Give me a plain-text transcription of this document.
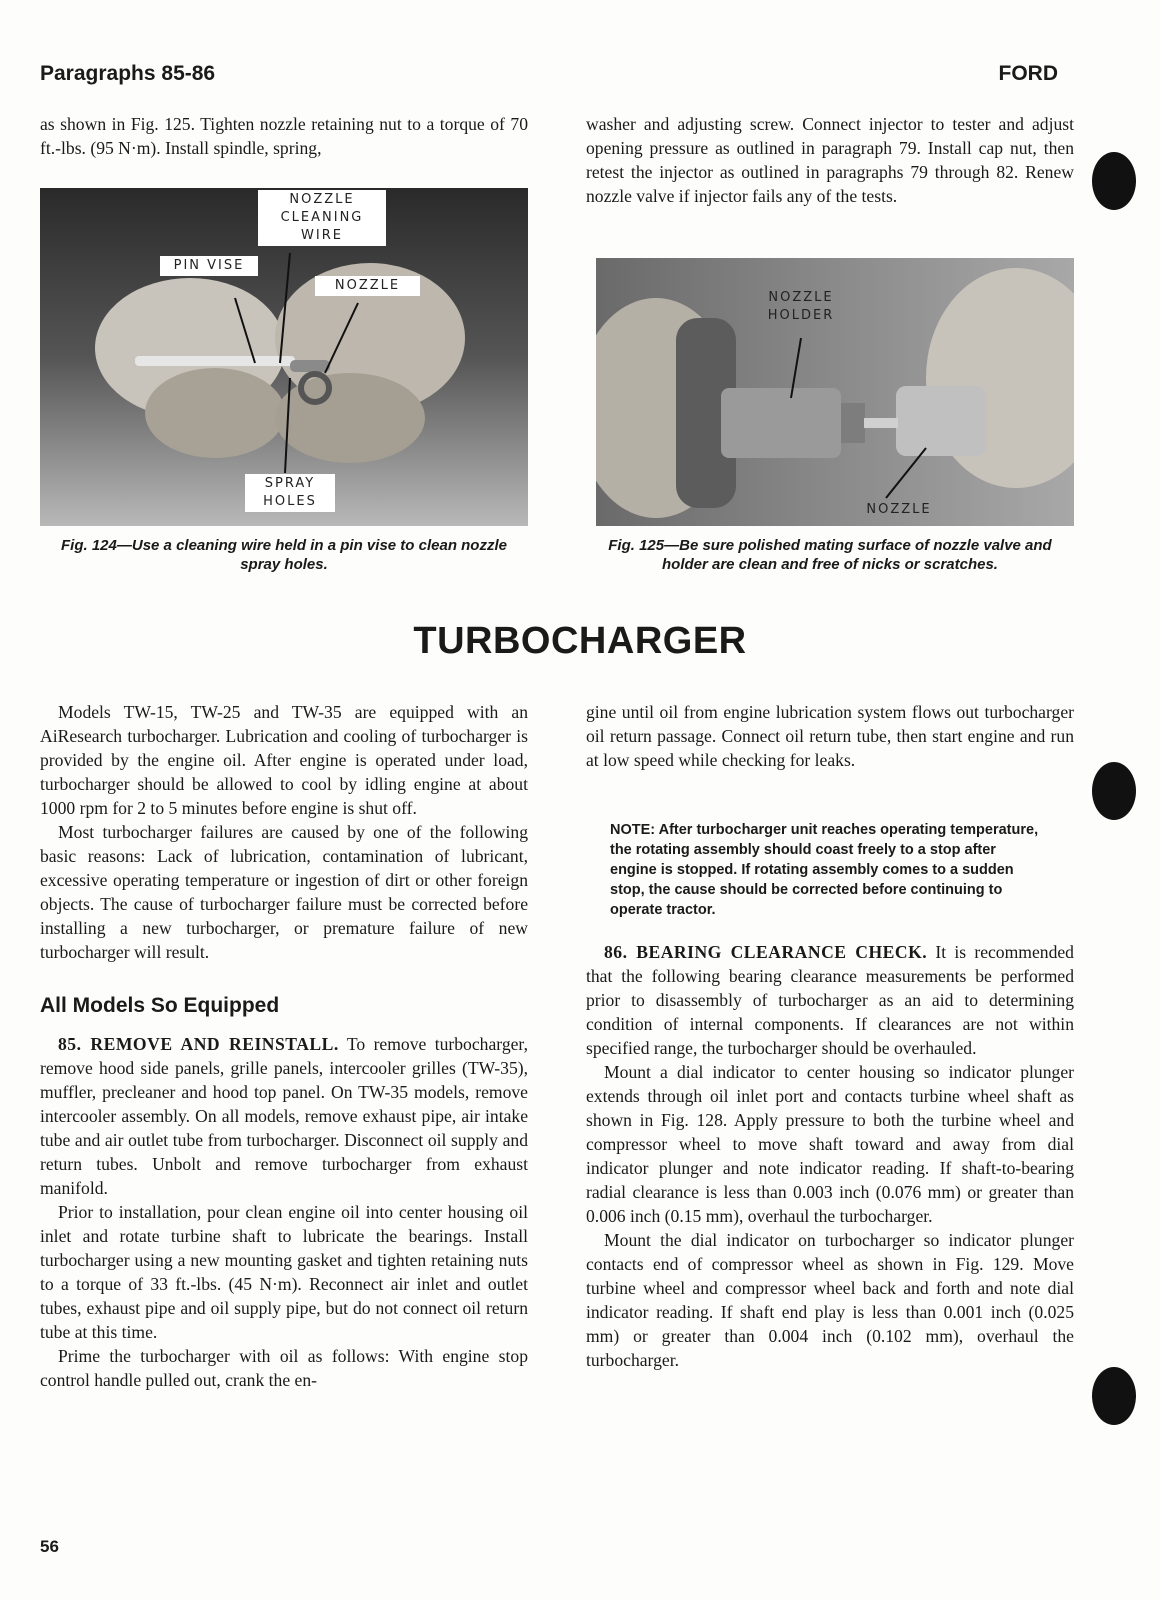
Paragraphs 85-86	FORD

as shown in Fig. 125. Tighten nozzle retaining nut to a torque of 70 ft.-lbs. (95 N·m). Install spindle, spring,

NOZZLE CLEANING WIRE
PIN VISE
NOZZLE
SPRAY HOLES
Fig. 124—Use a cleaning wire held in a pin vise to clean nozzle spray holes.

washer and adjusting screw. Connect injector to tester and adjust opening pressure as outlined in paragraph 79. Install cap nut, then retest the injector as outlined in paragraphs 79 through 82. Renew nozzle valve if injector fails any of the tests.

NOZZLE HOLDER
NOZZLE
Fig. 125—Be sure polished mating surface of nozzle valve and holder are clean and free of nicks or scratches.
TURBOCHARGER

Models TW-15, TW-25 and TW-35 are equipped with an AiResearch turbocharger. Lubrication and cooling of turbocharger is provided by the engine oil. After engine is operated under load, turbocharger should be allowed to cool by idling engine at about 1000 rpm for 2 to 5 minutes before engine is shut off.

Most turbocharger failures are caused by one of the following basic reasons: Lack of lubrication, contamination of lubricant, excessive operating temperature or ingestion of dirt or other foreign objects. The cause of turbocharger failure must be corrected before installing a new turbocharger, or premature failure of new turbocharger will result.

All Models So Equipped

85. REMOVE AND REINSTALL. To remove turbocharger, remove hood side panels, grille panels, intercooler grilles (TW-35), muffler, precleaner and hood top panel. On TW-35 models, remove intercooler assembly. On all models, remove exhaust pipe, air intake tube and air outlet tube from turbocharger. Disconnect oil supply and return tubes. Unbolt and remove turbocharger from exhaust manifold.

Prior to installation, pour clean engine oil into center housing oil inlet and rotate turbine shaft to lubricate the bearings. Install turbocharger using a new mounting gasket and tighten retaining nuts to a torque of 33 ft.-lbs. (45 N·m). Reconnect air inlet and outlet tubes, exhaust pipe and oil supply pipe, but do not connect oil return tube at this time.

Prime the turbocharger with oil as follows: With engine stop control handle pulled out, crank the en-

gine until oil from engine lubrication system flows out turbocharger oil return passage. Connect oil return tube, then start engine and run at low speed while checking for leaks.

NOTE: After turbocharger unit reaches operating temperature, the rotating assembly should coast freely to a stop after engine is stopped. If rotating assembly comes to a sudden stop, the cause should be corrected before continuing to operate tractor.

86. BEARING CLEARANCE CHECK. It is recommended that the following bearing clearance measurements be performed prior to disassembly of turbocharger as an aid to determining condition of internal components. If clearances are not within specified range, the turbocharger should be overhauled.

Mount a dial indicator to center housing so indicator plunger extends through oil inlet port and contacts turbine wheel shaft as shown in Fig. 128. Apply pressure to both the turbine wheel and compressor wheel to move shaft toward and away from dial indicator plunger and note indicator reading. If shaft-to-bearing radial clearance is less than 0.003 inch (0.076 mm) or greater than 0.006 inch (0.15 mm), overhaul the turbocharger.

Mount the dial indicator on turbocharger so indicator plunger contacts end of compressor wheel as shown in Fig. 129. Move turbine wheel and compressor wheel back and forth and note dial indicator reading. If shaft end play is less than 0.001 inch (0.025 mm) or greater than 0.004 inch (0.102 mm), overhaul the turbocharger.

56
